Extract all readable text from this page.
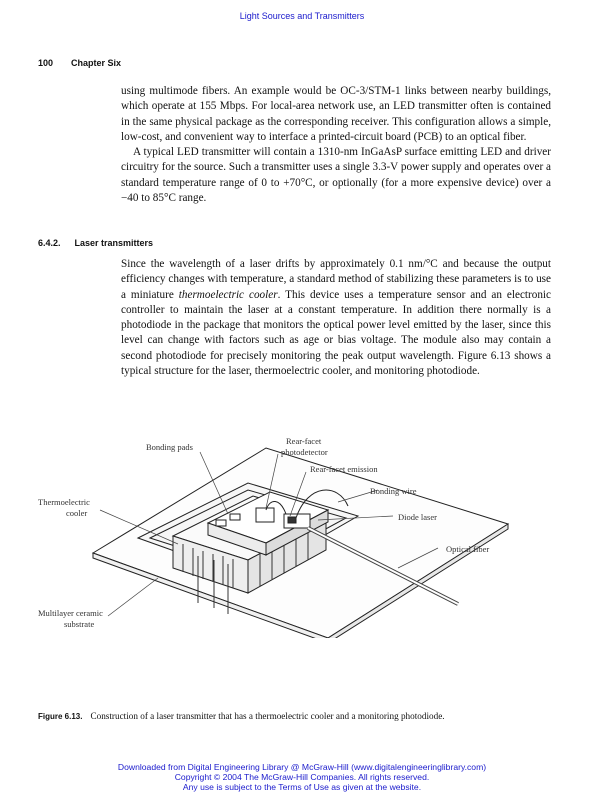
Light Sources and Transmitters
100 Chapter Six

using multimode fibers. An example would be OC-3/STM-1 links between nearby buildings, which operate at 155 Mbps. For local-area network use, an LED transmitter often is contained in the same physical package as the corresponding receiver. This configuration allows a simple, low-cost, and convenient way to interface a printed-circuit board (PCB) to an optical fiber.

A typical LED transmitter will contain a 1310-nm InGaAsP surface emitting LED and driver circuitry for the source. Such a transmitter uses a single 3.3-V power supply and operates over a standard temperature range of 0 to +70°C, or optionally (for a more expensive device) over a −40 to 85°C range.

6.4.2. Laser transmitters

Since the wavelength of a laser drifts by approximately 0.1 nm/°C and because the output efficiency changes with temperature, a standard method of stabilizing these parameters is to use a miniature thermoelectric cooler. This device uses a temperature sensor and an electronic controller to maintain the laser at a constant temperature. In addition there normally is a photodiode in the package that monitors the optical power level emitted by the laser, since this level can change with factors such as age or bias voltage. The module also may contain a second photodiode for precisely monitoring the peak output wavelength. Figure 6.13 shows a typical structure for the laser, thermoelectric cooler, and monitoring photodiode.

Bonding pads
Rear-facet
photodetector
Rear-facet emission
Bonding wire
Diode laser
Thermoelectric
cooler
Optical fiber
Multilayer ceramic
substrate
Figure 6.13. Construction of a laser transmitter that has a thermoelectric cooler and a monitoring photodiode.
Downloaded from Digital Engineering Library @ McGraw-Hill (www.digitalengineeringlibrary.com)
Copyright © 2004 The McGraw-Hill Companies. All rights reserved.
Any use is subject to the Terms of Use as given at the website.
